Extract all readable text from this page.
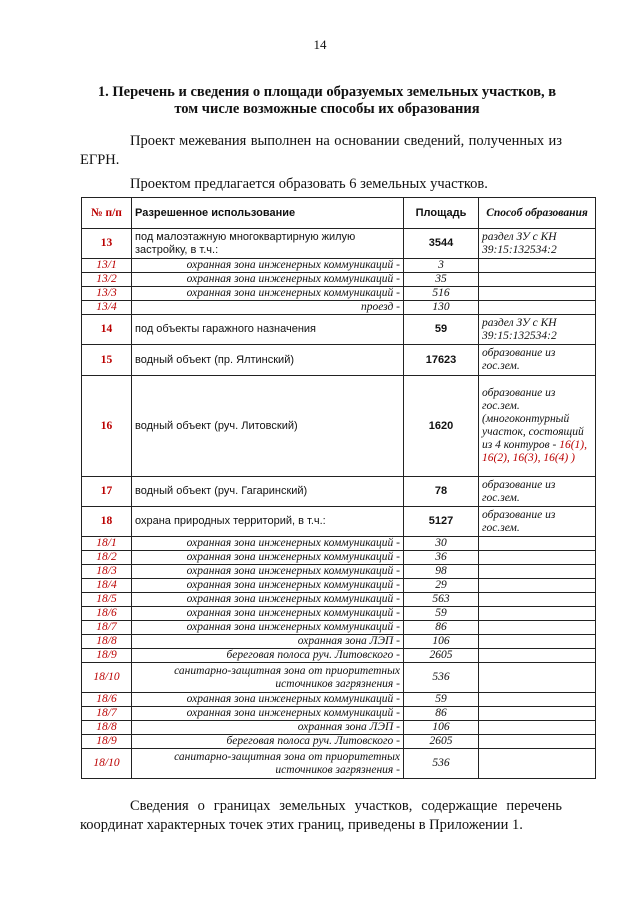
14
1. Перечень и сведения о площади образуемых земельных участков, в том числе возможные способы их образования
Проект межевания выполнен на основании сведений, полученных из ЕГРН.
Проектом предлагается образовать 6 земельных участков.
№ п/п	Разрешенное использование	Площадь	Способ образования
13	под малоэтажную многоквартирную жилую застройку, в т.ч.:	3544	раздел ЗУ с КН 39:15:132534:2
13/1	охранная зона инженерных коммуникаций -	3	
13/2	охранная зона инженерных коммуникаций -	35	
13/3	охранная зона инженерных коммуникаций -	516	
13/4	проезд -	130	
14	под объекты гаражного назначения	59	раздел ЗУ с КН 39:15:132534:2
15	водный объект (пр. Ялтинский)	17623	образование из гос.зем.
16	водный объект (руч. Литовский)	1620	образование из гос.зем. (многоконтурный участок, состоящий из 4 контуров - 16(1), 16(2), 16(3), 16(4) )
17	водный объект (руч. Гагаринский)	78	образование из гос.зем.
18	охрана природных территорий, в т.ч.:	5127	образование из гос.зем.
18/1	охранная зона инженерных коммуникаций -	30	
18/2	охранная зона инженерных коммуникаций -	36	
18/3	охранная зона инженерных коммуникаций -	98	
18/4	охранная зона инженерных коммуникаций -	29	
18/5	охранная зона инженерных коммуникаций -	563	
18/6	охранная зона инженерных коммуникаций -	59	
18/7	охранная зона инженерных коммуникаций -	86	
18/8	охранная зона ЛЭП -	106	
18/9	береговая полоса руч. Литовского -	2605	
18/10	санитарно-защитная зона от приоритетных источников загрязнения -	536	
18/6	охранная зона инженерных коммуникаций -	59	
18/7	охранная зона инженерных коммуникаций -	86	
18/8	охранная зона ЛЭП -	106	
18/9	береговая полоса руч. Литовского -	2605	
18/10	санитарно-защитная зона от приоритетных источников загрязнения -	536	
Сведения о границах земельных участков, содержащие перечень координат характерных точек этих границ, приведены в Приложении 1.
